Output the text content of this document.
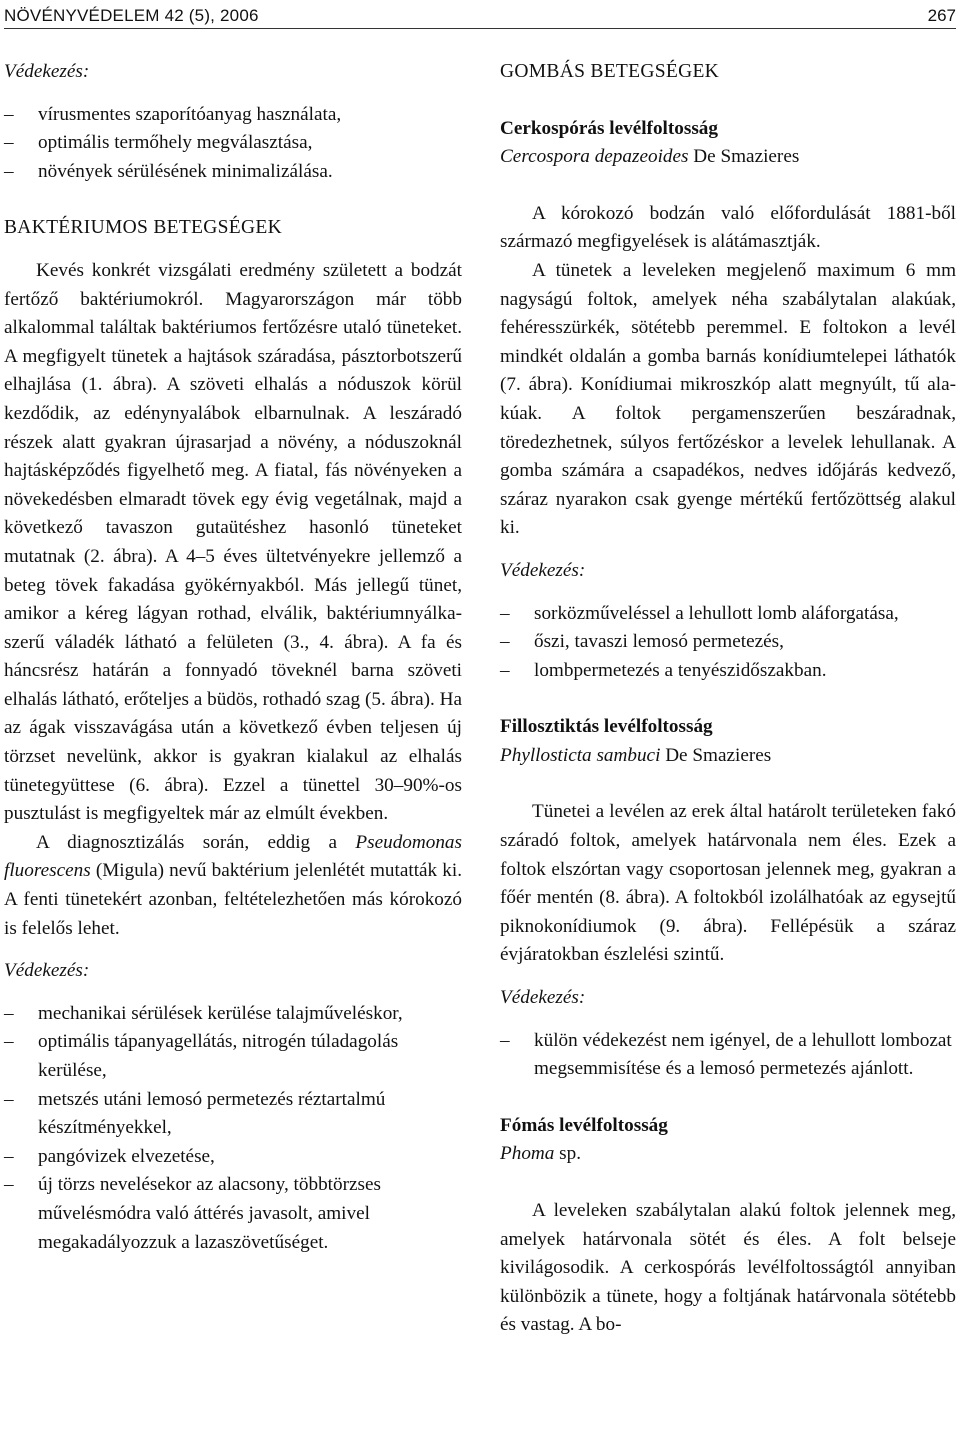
NÖVÉNYVÉDELEM 42 (5), 2006	267

Védekezés:

–	vírusmentes szaporítóanyag használata,
–	optimális termőhely megválasztása,
–	növények sérülésének minimalizálása.

BAKTÉRIUMOS BETEGSÉGEK

Kevés konkrét vizsgálati eredmény született a bodzát fertőző baktériumokról. Magyarországon már több alkalommal találtak baktériumos fertőzésre utaló tüneteket. A megfigyelt tünetek a hajtások száradása, pásztorbotszerű elhajlása (1. ábra). A szöveti elhalás a nóduszok körül kezdődik, az edénynyalábok elbarnulnak. A leszáradó részek alatt gyakran újrasarjad a növény, a nóduszoknál hajtásképződés figyelhető meg. A fiatal, fás növényeken a növekedésben elmaradt tövek egy évig vegetálnak, majd a következő tavaszon gutaütéshez hasonló tüneteket mutatnak (2. ábra). A 4–5 éves ültetvényekre jellemző a beteg tövek fakadása gyökérnyakból. Más jellegű tünet, amikor a kéreg lágyan rothad, elválik, baktériumnyálka-szerű váladék látható a felületen (3., 4. ábra). A fa és háncsrész határán a fonnyadó töveknél barna szöveti elhalás látható, erőteljes a büdös, rothadó szag (5. ábra). Ha az ágak visszavágása után a következő évben teljesen új törzset nevelünk, akkor is gyakran kialakul az elhalás tünetegyüttese (6. ábra). Ezzel a tünettel 30–90%-os pusztulást is megfigyeltek már az elmúlt években.

A diagnosztizálás során, eddig a Pseudomonas fluorescens (Migula) nevű baktérium jelenlétét mutatták ki. A fenti tünetekért azonban, feltételezhetően más kórokozó is felelős lehet.

Védekezés:

–	mechanikai sérülések kerülése talajműveléskor,
–	optimális tápanyagellátás, nitrogén túladagolás kerülése,
–	metszés utáni lemosó permetezés réztartalmú készítményekkel,
–	pangóvizek elvezetése,
–	új törzs nevelésekor az alacsony, többtörzses művelésmódra való áttérés javasolt, amivel megakadályozzuk a lazaszövetűséget.

GOMBÁS BETEGSÉGEK

Cerkospórás levélfoltosság

Cercospora depazeoides De Smazieres

A kórokozó bodzán való előfordulását 1881-ből származó megfigyelések is alátámasztják.

A tünetek a leveleken megjelenő maximum 6 mm nagyságú foltok, amelyek néha szabálytalan alakúak, fehéresszürkék, sötétebb peremmel. E foltokon a levél mindkét oldalán a gomba barnás konídiumtelepei láthatók (7. ábra). Konídiumai mikroszkóp alatt megnyúlt, tű alakúak. A foltok pergamenszerűen beszáradnak, töredezhetnek, súlyos fertőzéskor a levelek lehullanak. A gomba számára a csapadékos, nedves időjárás kedvező, száraz nyarakon csak gyenge mértékű fertőzöttség alakul ki.

Védekezés:

–	sorközműveléssel a lehullott lomb aláforgatása,
–	őszi, tavaszi lemosó permetezés,
–	lombpermetezés a tenyészidőszakban.

Fillosztiktás levélfoltosság

Phyllosticta sambuci De Smazieres

Tünetei a levélen az erek által határolt területeken fakó száradó foltok, amelyek határvonala nem éles. Ezek a foltok elszórtan vagy csoportosan jelennek meg, gyakran a főér mentén (8. ábra). A foltokból izolálhatóak az egysejtű piknokonídiumok (9. ábra). Fellépésük a száraz évjáratokban észlelési szintű.

Védekezés:

–	külön védekezést nem igényel, de a lehullott lombozat megsemmisítése és a lemosó permetezés ajánlott.

Fómás levélfoltosság

Phoma sp.

A leveleken szabálytalan alakú foltok jelennek meg, amelyek határvonala sötét és éles. A folt belseje kivilágosodik. A cerkospórás levélfoltosságtól annyiban különbözik a tünete, hogy a foltjának határvonala sötétebb és vastag. A bo-
